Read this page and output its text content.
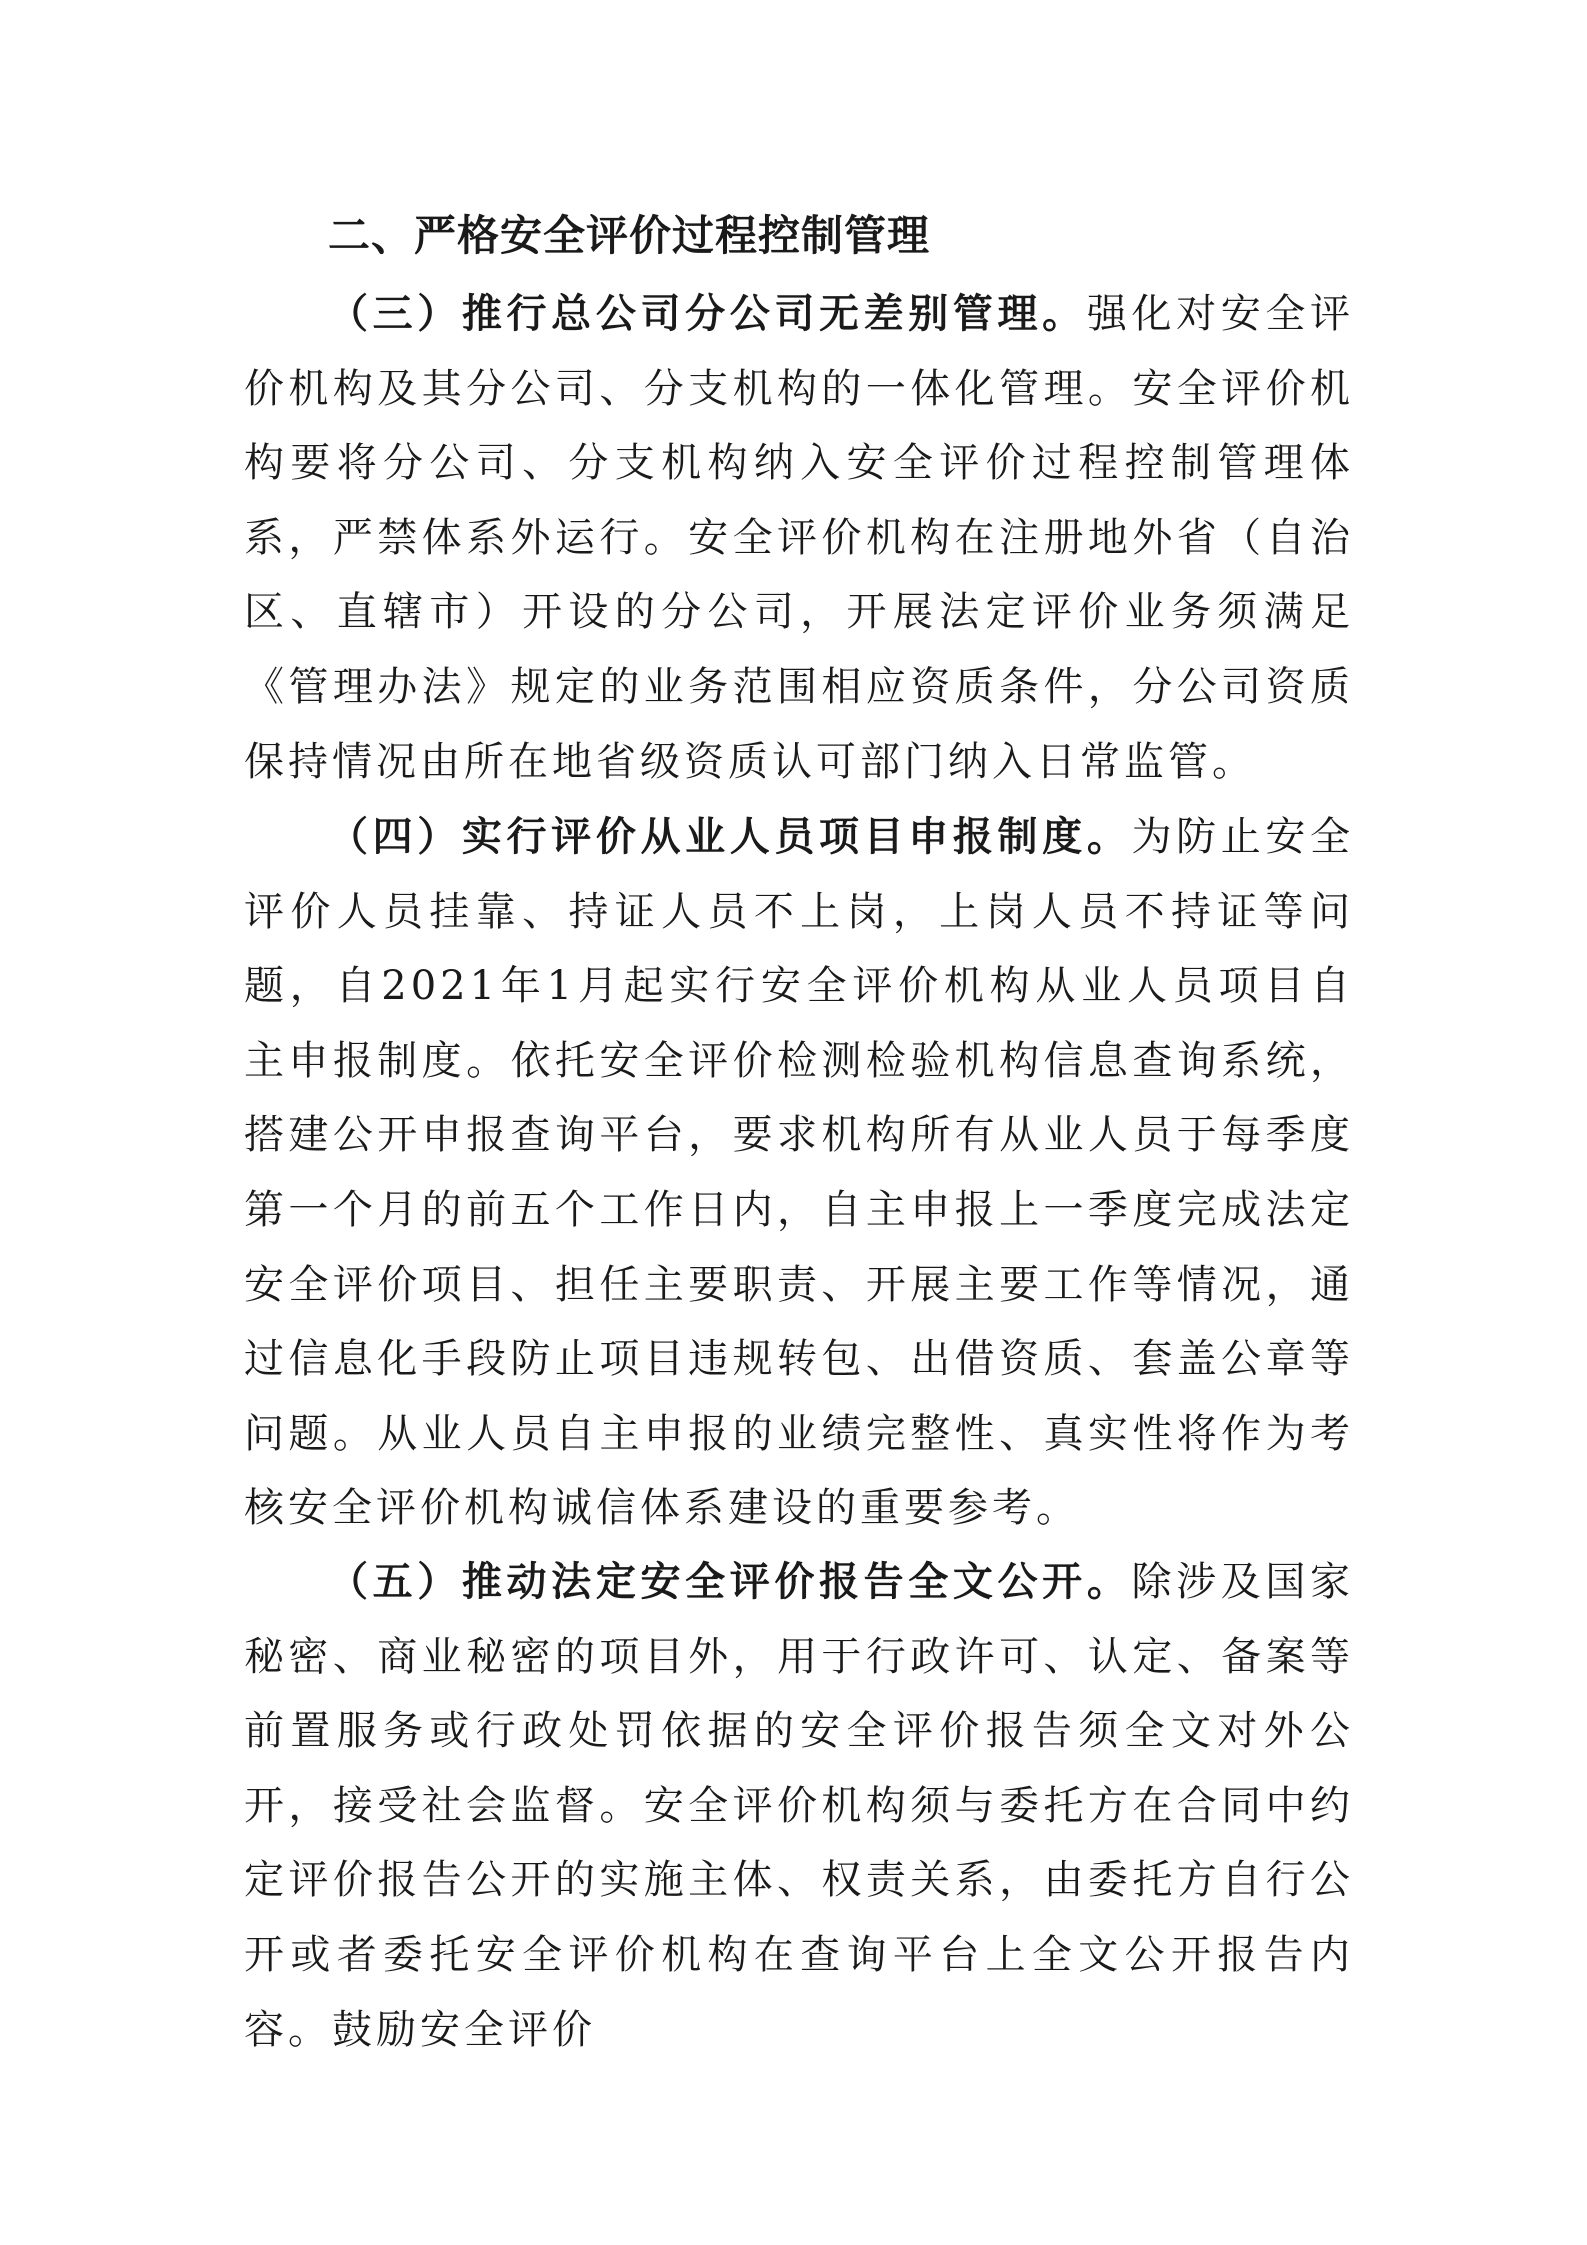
二、严格安全评价过程控制管理

（三）推行总公司分公司无差别管理。强化对安全评价机构及其分公司、分支机构的一体化管理。安全评价机构要将分公司、分支机构纳入安全评价过程控制管理体系，严禁体系外运行。安全评价机构在注册地外省（自治区、直辖市）开设的分公司，开展法定评价业务须满足《管理办法》规定的业务范围相应资质条件，分公司资质保持情况由所在地省级资质认可部门纳入日常监管。

（四）实行评价从业人员项目申报制度。为防止安全评价人员挂靠、持证人员不上岗，上岗人员不持证等问题，自2021年1月起实行安全评价机构从业人员项目自主申报制度。依托安全评价检测检验机构信息查询系统，搭建公开申报查询平台，要求机构所有从业人员于每季度第一个月的前五个工作日内，自主申报上一季度完成法定安全评价项目、担任主要职责、开展主要工作等情况，通过信息化手段防止项目违规转包、出借资质、套盖公章等问题。从业人员自主申报的业绩完整性、真实性将作为考核安全评价机构诚信体系建设的重要参考。

（五）推动法定安全评价报告全文公开。除涉及国家秘密、商业秘密的项目外，用于行政许可、认定、备案等前置服务或行政处罚依据的安全评价报告须全文对外公开，接受社会监督。安全评价机构须与委托方在合同中约定评价报告公开的实施主体、权责关系，由委托方自行公开或者委托安全评价机构在查询平台上全文公开报告内容。鼓励安全评价
